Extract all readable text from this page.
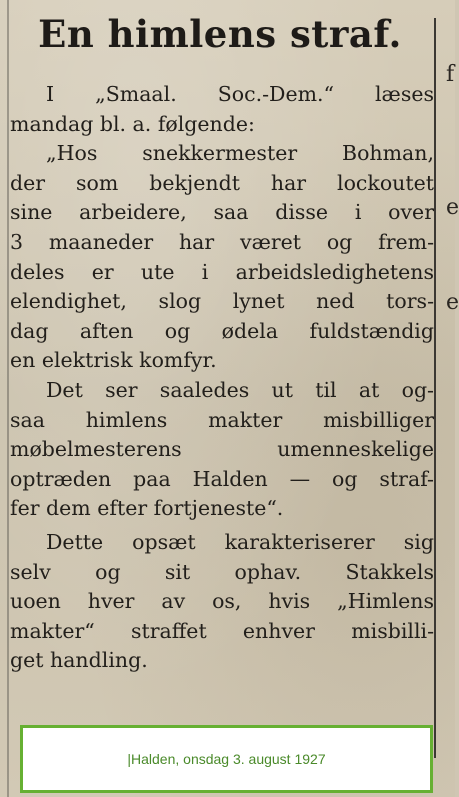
f
e
e
En himlens straf.
I „Smaal. Soc.-Dem.“ læses
mandag bl. a. følgende:
„Hos snekkermester Bohman,
der som bekjendt har lockoutet
sine arbeidere, saa disse i over
3 maaneder har været og frem-
deles er ute i arbeidsledighetens
elendighet, slog lynet ned tors-
dag aften og ødela fuldstændig
en elektrisk komfyr.
Det ser saaledes ut til at og-
saa himlens makter misbilliger
møbelmesterens umenneskelige
optræden paa Halden — og straf-
fer dem efter fortjeneste“.
Dette opsæt karakteriserer sig
selv og sit ophav. Stakkels
uoen hver av os, hvis „Himlens
makter“ straffet enhver misbilli-
get handling.
|Halden, onsdag 3. august 1927
